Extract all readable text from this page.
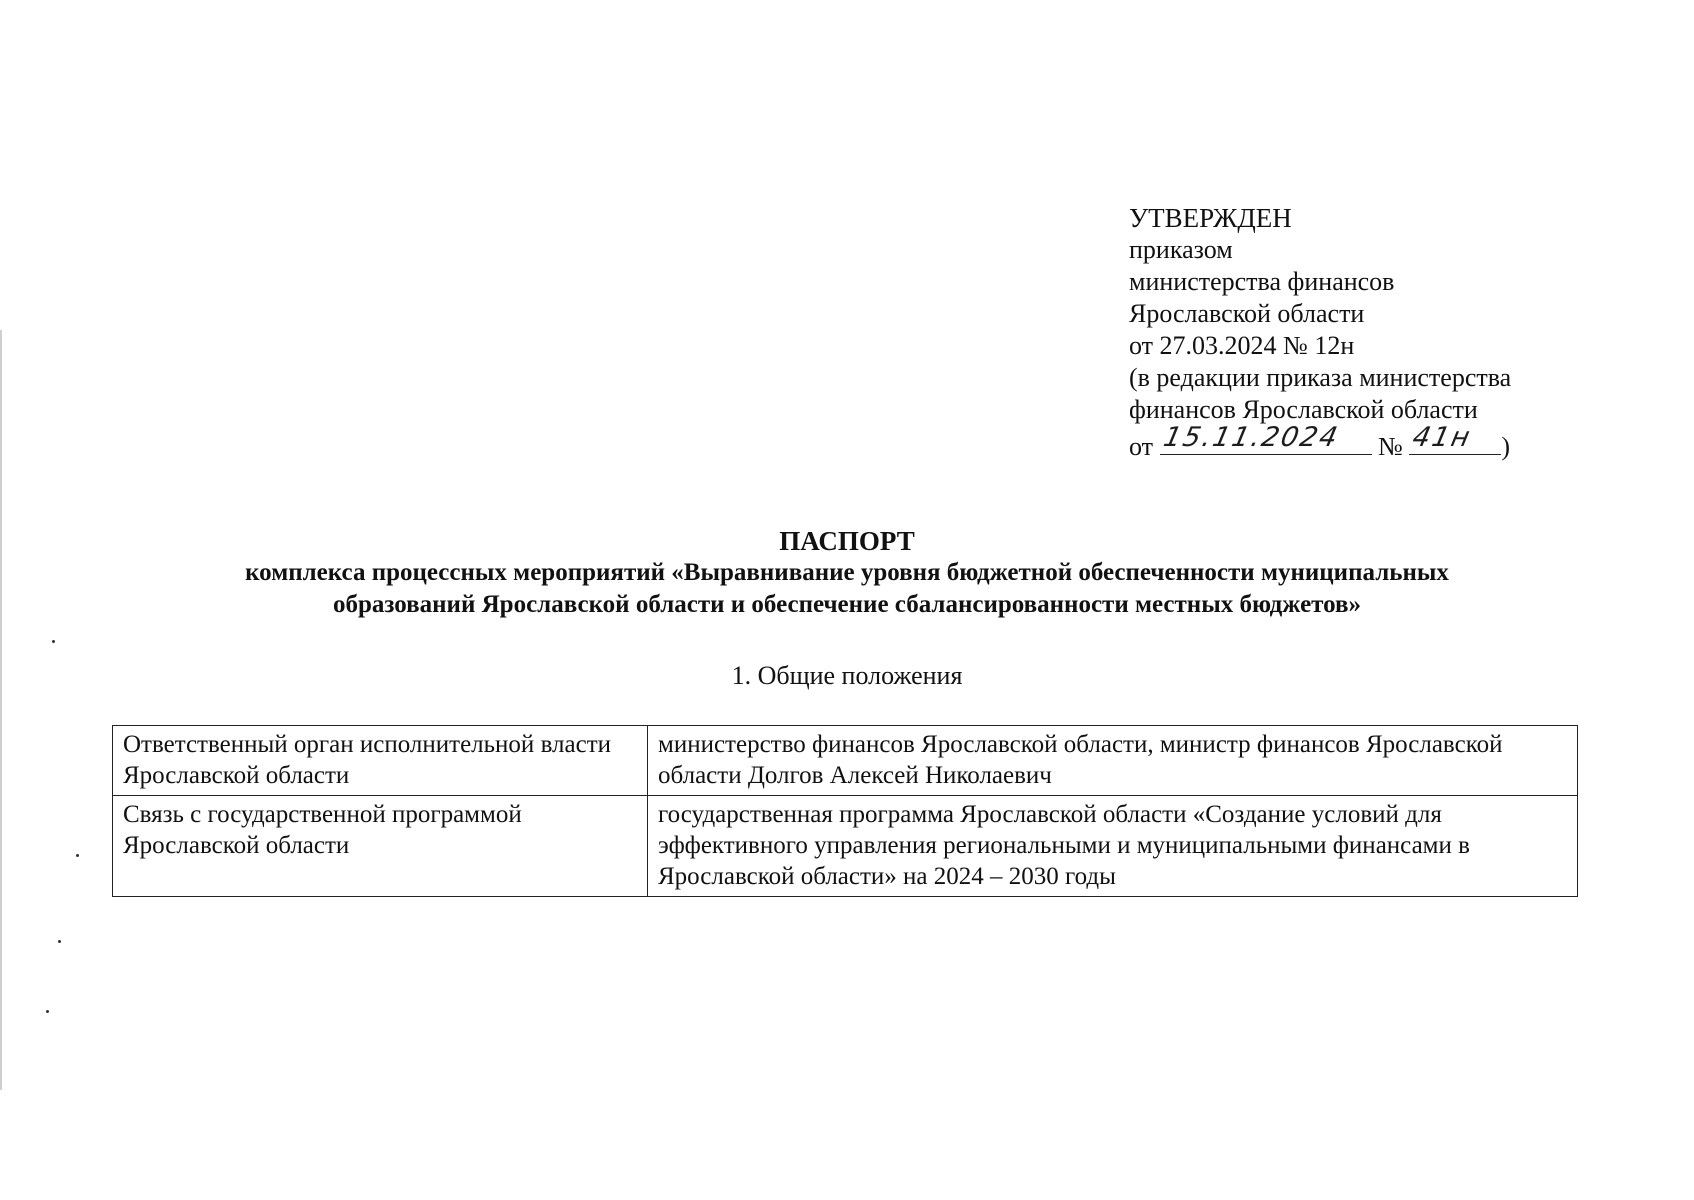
УТВЕРЖДЕН
приказом
министерства финансов
Ярославской области
от 27.03.2024 № 12н
(в редакции приказа министерства
финансов Ярославской области
от 15.11.2024 № 41н )
ПАСПОРТ
комплекса процессных мероприятий «Выравнивание уровня бюджетной обеспеченности муниципальных
образований Ярославской области и обеспечение сбалансированности местных бюджетов»
1. Общие положения
Ответственный орган исполнительной власти Ярославской области	министерство финансов Ярославской области, министр финансов Ярославской области Долгов Алексей Николаевич
Связь с государственной программой Ярославской области	государственная программа Ярославской области «Создание условий для эффективного управления региональными и муниципальными финансами в Ярославской области» на 2024 – 2030 годы
